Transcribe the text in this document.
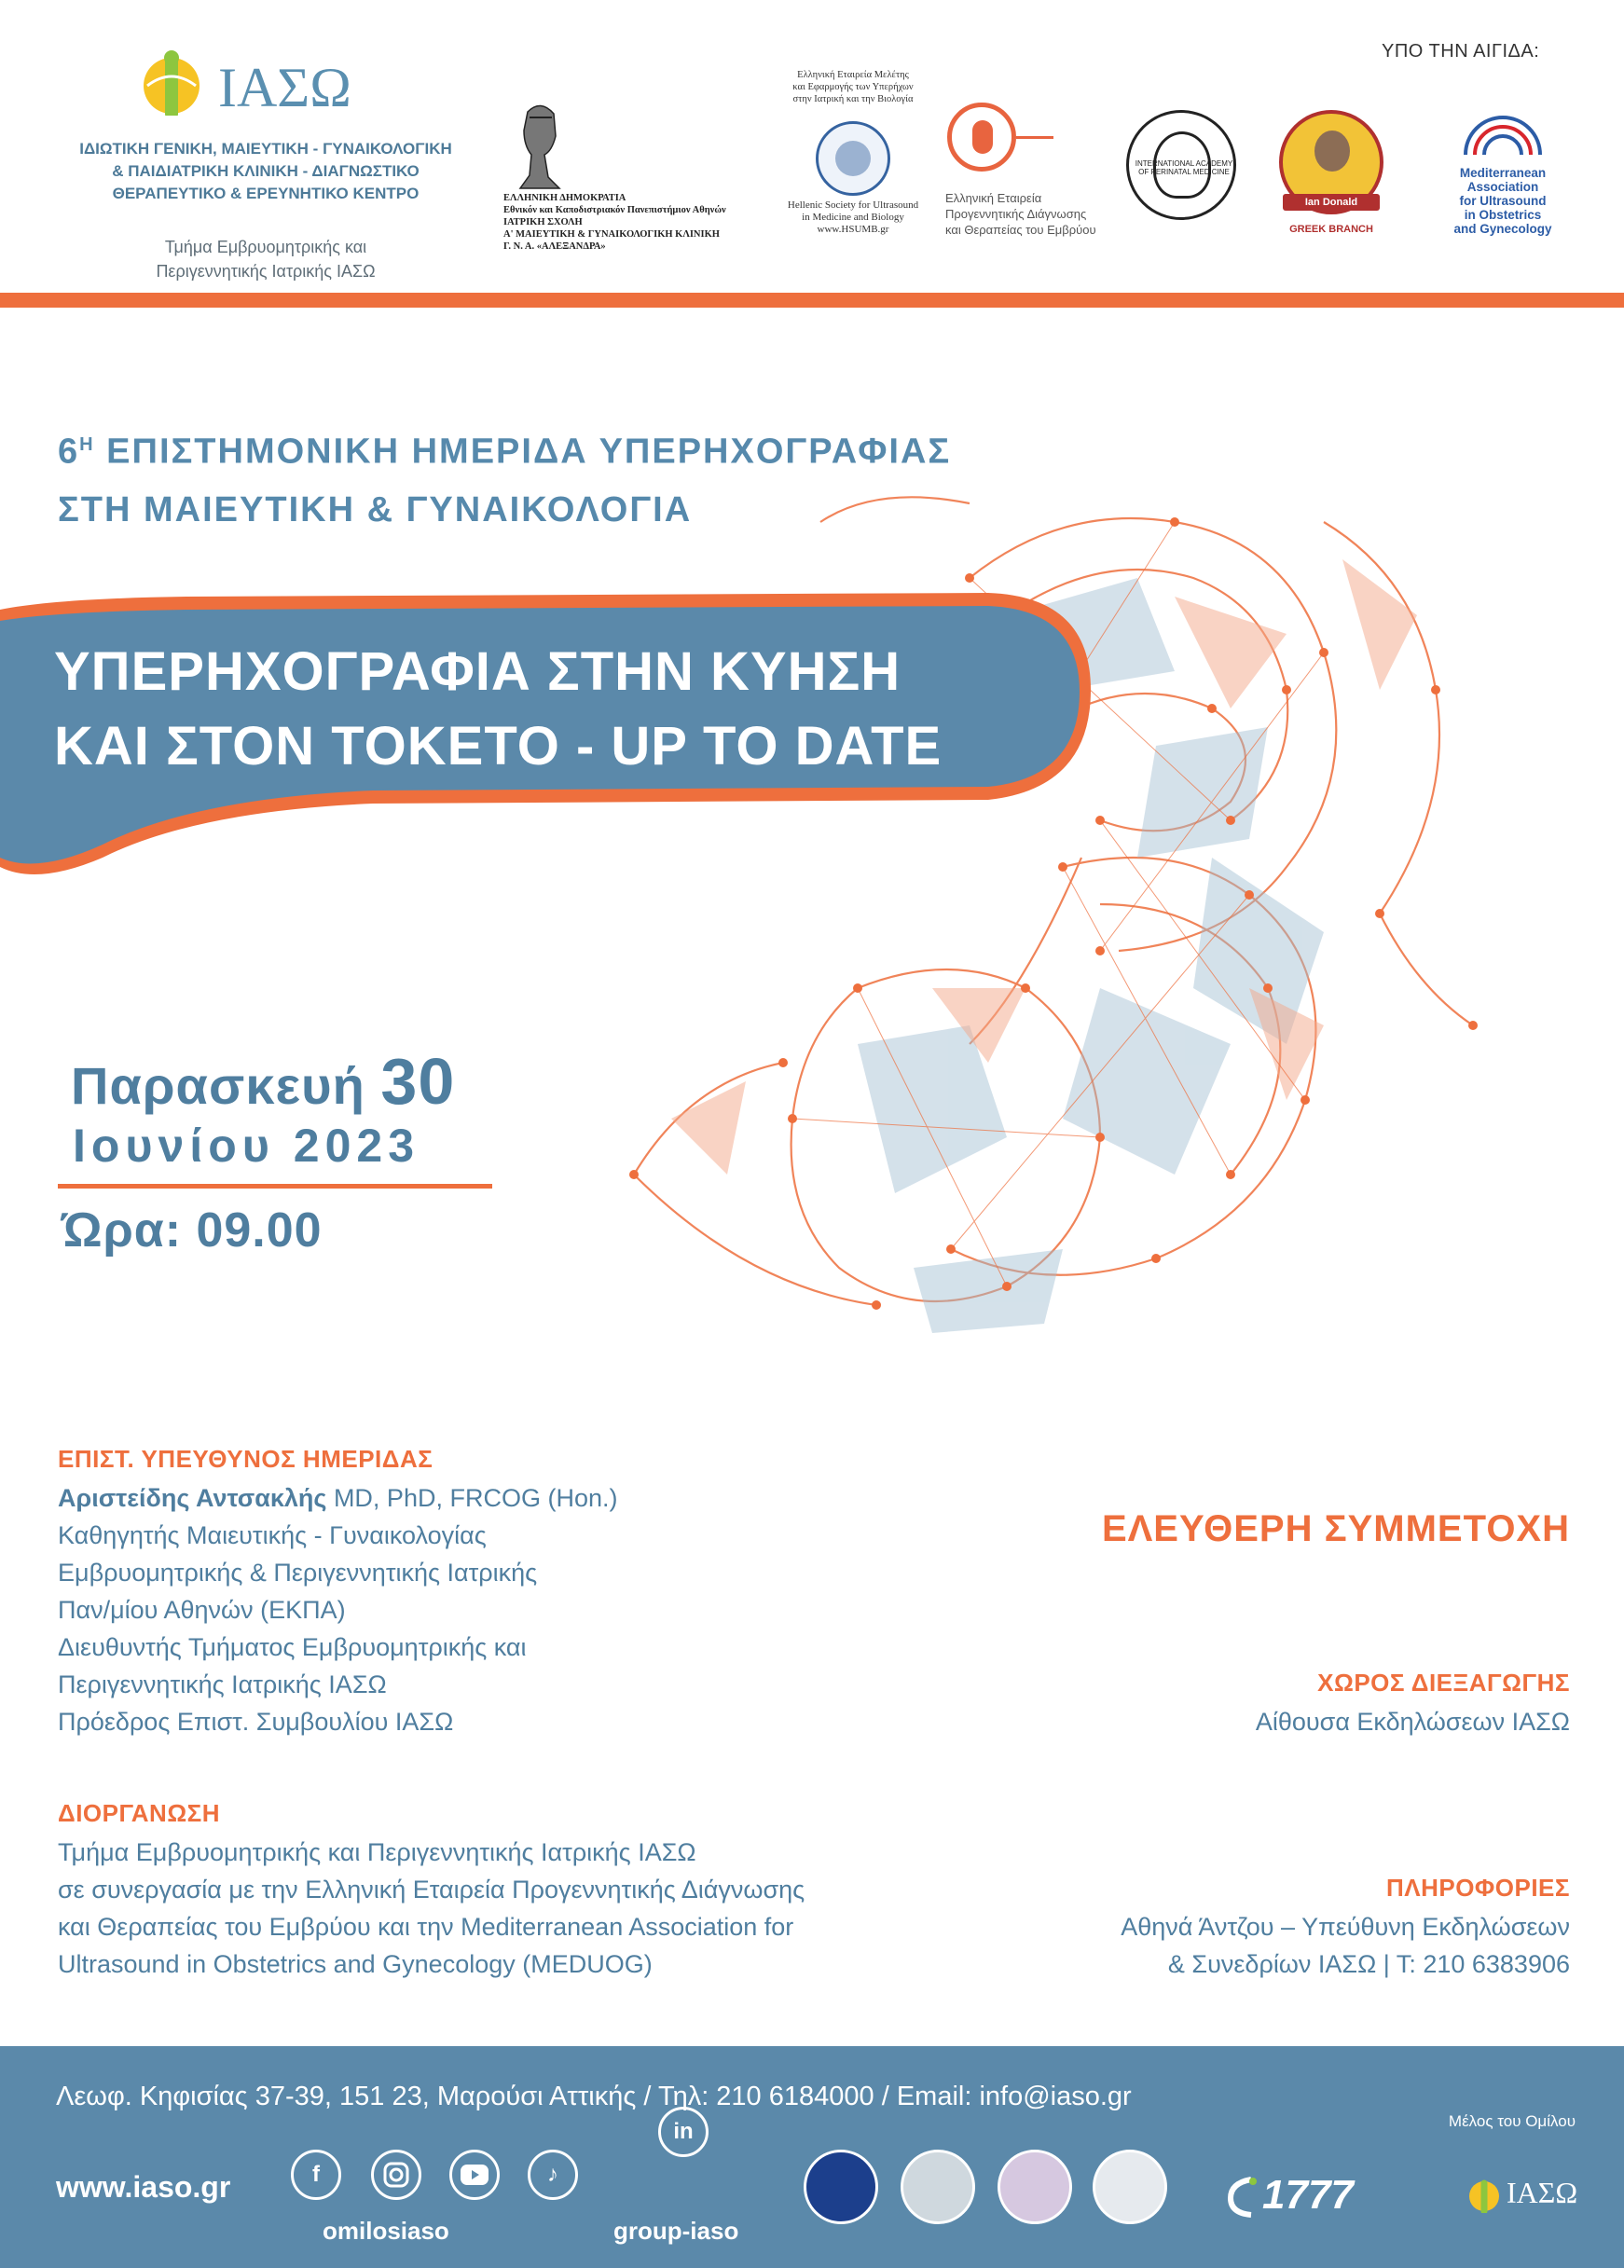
ΙΑΣΩ
ΙΔΙΩΤΙΚΗ ΓΕΝΙΚΗ, ΜΑΙΕΥΤΙΚΗ - ΓΥΝΑΙΚΟΛΟΓΙΚΗ
& ΠΑΙΔΙΑΤΡΙΚΗ ΚΛΙΝΙΚΗ - ΔΙΑΓΝΩΣΤΙΚΟ
ΘΕΡΑΠΕΥΤΙΚΟ & ΕΡΕΥΝΗΤΙΚΟ ΚΕΝΤΡΟ
Τμήμα Εμβρυομητρικής και
Περιγεννητικής Ιατρικής ΙΑΣΩ
ΕΛΛΗΝΙΚΗ ΔΗΜΟΚΡΑΤΙΑ
Εθνικόν και Καποδιστριακόν Πανεπιστήμιον Αθηνών
ΙΑΤΡΙΚΗ ΣΧΟΛΗ
Α' ΜΑΙΕΥΤΙΚΗ & ΓΥΝΑΙΚΟΛΟΓΙΚΗ ΚΛΙΝΙΚΗ
Γ. Ν. Α. «ΑΛΕΞΑΝΔΡΑ»
Ελληνική Εταιρεία Μελέτης
και Εφαρμογής των Υπερήχων
στην Ιατρική και την Βιολογία
Hellenic Society for Ultrasound
in Medicine and Biology
www.HSUMB.gr
Ελληνική Εταιρεία
Προγεννητικής Διάγνωσης
και Θεραπείας του Εμβρύου
INTERNATIONAL ACADEMY OF PERINATAL MEDICINE
Ian Donald
GREEK BRANCH
Mediterranean
Association
for Ultrasound
in Obstetrics
and Gynecology
ΥΠΟ ΤΗΝ ΑΙΓΙΔΑ:
$6^H$ ΕΠΙΣΤΗΜΟΝΙΚΗ ΗΜΕΡΙΔΑ ΥΠΕΡΗΧΟΓΡΑΦΙΑΣ
ΣΤΗ ΜΑΙΕΥΤΙΚΗ & ΓΥΝΑΙΚΟΛΟΓΙΑ
ΥΠΕΡΗΧΟΓΡΑΦΙΑ ΣΤΗΝ ΚΥΗΣΗ
ΚΑΙ ΣΤΟΝ ΤΟΚΕΤΟ - UP TO DATE
Παρασκευή 30
Ιουνίου 2023
Ώρα: 09.00
ΕΠΙΣΤ. ΥΠΕΥΘΥΝΟΣ ΗΜΕΡΙΔΑΣ
Αριστείδης Αντσακλής MD, PhD, FRCOG (Hon.)
Καθηγητής Μαιευτικής - Γυναικολογίας
Εμβρυομητρικής & Περιγεννητικής Ιατρικής
Παν/μίου Αθηνών (ΕΚΠΑ)
Διευθυντής Τμήματος Εμβρυομητρικής και
Περιγεννητικής Ιατρικής ΙΑΣΩ
Πρόεδρος Επιστ. Συμβουλίου ΙΑΣΩ
ΔΙΟΡΓΑΝΩΣΗ
Τμήμα Εμβρυομητρικής και Περιγεννητικής Ιατρικής ΙΑΣΩ
σε συνεργασία με την Ελληνική Εταιρεία Προγεννητικής Διάγνωσης
και Θεραπείας του Εμβρύου και την Mediterranean Association for
Ultrasound in Obstetrics and Gynecology (MEDUOG)
ΕΛΕΥΘΕΡΗ ΣΥΜΜΕΤΟΧΗ
ΧΩΡΟΣ ΔΙΕΞΑΓΩΓΗΣ
Αίθουσα Εκδηλώσεων ΙΑΣΩ
ΠΛΗΡΟΦΟΡΙΕΣ
Αθηνά Άντζου – Υπεύθυνη Εκδηλώσεων
& Συνεδρίων ΙΑΣΩ | Τ: 210 6383906
Λεωφ. Κηφισίας 37-39, 151 23, Μαρούσι Αττικής / Τηλ: 210 6184000 / Email: info@iaso.gr
www.iaso.gr	f	♪
omilosiaso
in
group-iaso
1777
Μέλος του Ομίλου
ΙΑΣΩ
